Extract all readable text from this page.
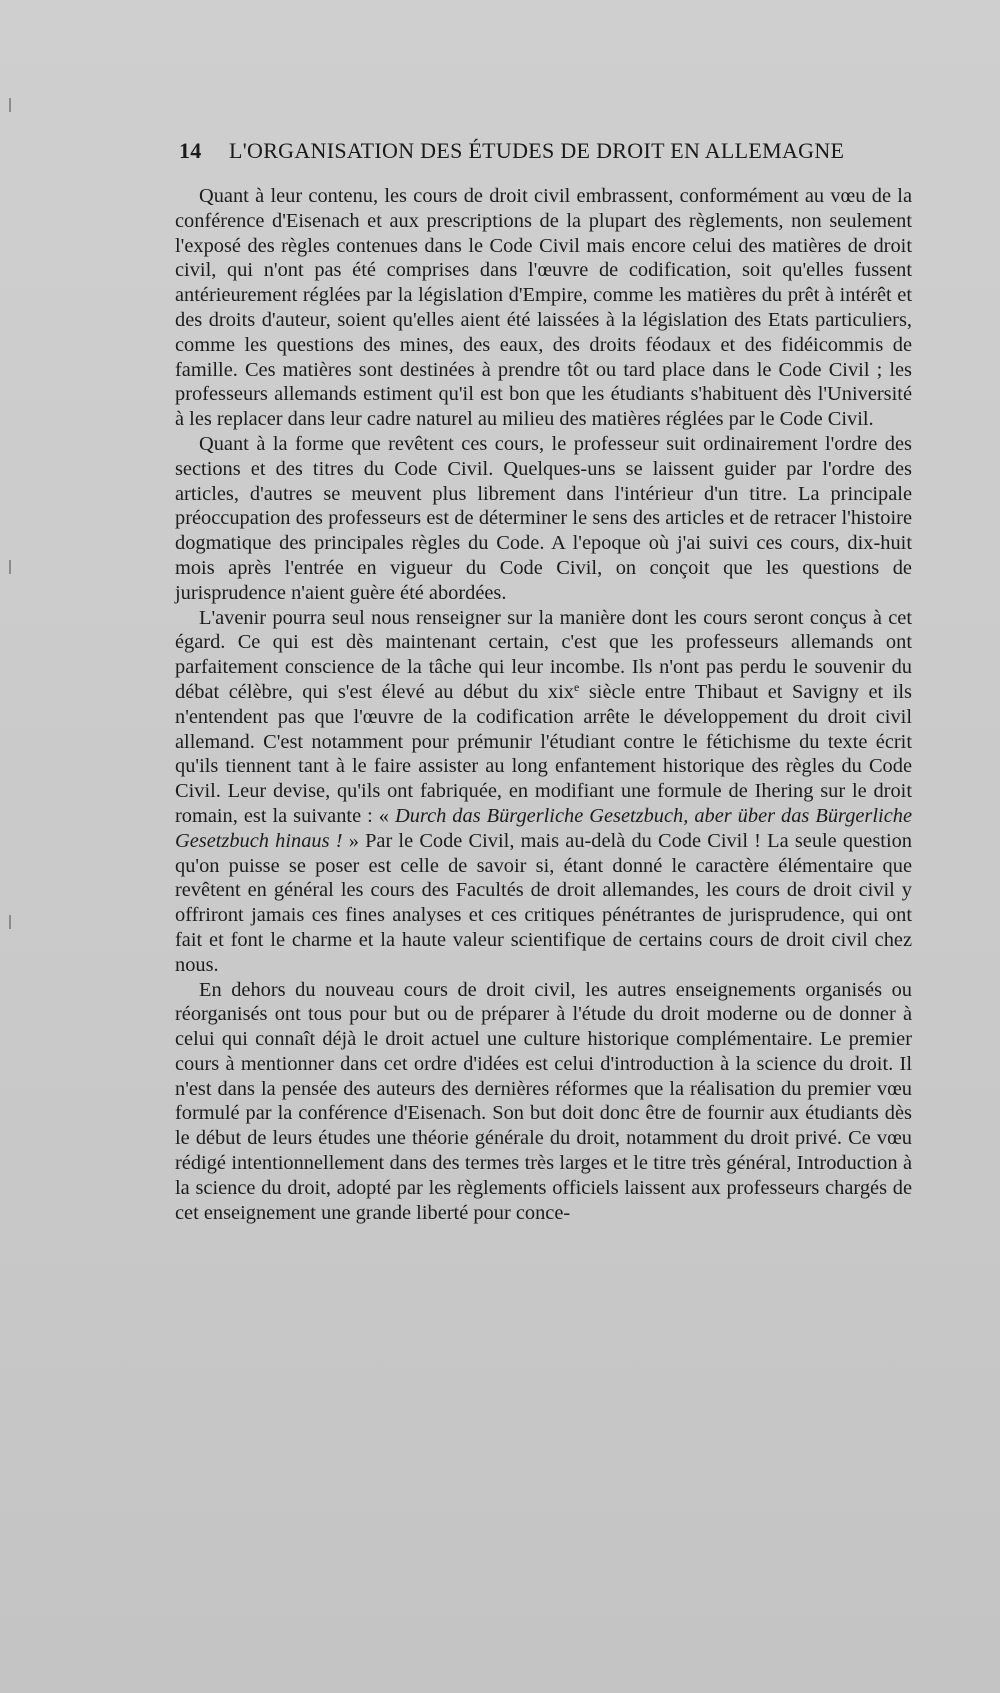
14 L'ORGANISATION DES ÉTUDES DE DROIT EN ALLEMAGNE

Quant à leur contenu, les cours de droit civil embrassent, conformément au vœu de la conférence d'Eisenach et aux prescriptions de la plupart des règlements, non seulement l'exposé des règles contenues dans le Code Civil mais encore celui des matières de droit civil, qui n'ont pas été comprises dans l'œuvre de codification, soit qu'elles fussent antérieurement réglées par la législation d'Empire, comme les matières du prêt à intérêt et des droits d'auteur, soient qu'elles aient été laissées à la législation des Etats particuliers, comme les questions des mines, des eaux, des droits féodaux et des fidéicommis de famille. Ces matières sont destinées à prendre tôt ou tard place dans le Code Civil ; les professeurs allemands estiment qu'il est bon que les étudiants s'habituent dès l'Université à les replacer dans leur cadre naturel au milieu des matières réglées par le Code Civil.

Quant à la forme que revêtent ces cours, le professeur suit ordinairement l'ordre des sections et des titres du Code Civil. Quelques-uns se laissent guider par l'ordre des articles, d'autres se meuvent plus librement dans l'intérieur d'un titre. La principale préoccupation des professeurs est de déterminer le sens des articles et de retracer l'histoire dogmatique des principales règles du Code. A l'epoque où j'ai suivi ces cours, dix-huit mois après l'entrée en vigueur du Code Civil, on conçoit que les questions de jurisprudence n'aient guère été abordées.

L'avenir pourra seul nous renseigner sur la manière dont les cours seront conçus à cet égard. Ce qui est dès maintenant certain, c'est que les professeurs allemands ont parfaitement conscience de la tâche qui leur incombe. Ils n'ont pas perdu le souvenir du débat célèbre, qui s'est élevé au début du xix$^e$ siècle entre Thibaut et Savigny et ils n'entendent pas que l'œuvre de la codification arrête le développement du droit civil allemand. C'est notamment pour prémunir l'étudiant contre le fétichisme du texte écrit qu'ils tiennent tant à le faire assister au long enfantement historique des règles du Code Civil. Leur devise, qu'ils ont fabriquée, en modifiant une formule de Ihering sur le droit romain, est la suivante : « Durch das Bürgerliche Gesetzbuch, aber über das Bürgerliche Gesetzbuch hinaus ! » Par le Code Civil, mais au-delà du Code Civil ! La seule question qu'on puisse se poser est celle de savoir si, étant donné le caractère élémentaire que revêtent en général les cours des Facultés de droit allemandes, les cours de droit civil y offriront jamais ces fines analyses et ces critiques pénétrantes de jurisprudence, qui ont fait et font le charme et la haute valeur scientifique de certains cours de droit civil chez nous.

En dehors du nouveau cours de droit civil, les autres enseignements organisés ou réorganisés ont tous pour but ou de préparer à l'étude du droit moderne ou de donner à celui qui connaît déjà le droit actuel une culture historique complémentaire. Le premier cours à mentionner dans cet ordre d'idées est celui d'introduction à la science du droit. Il n'est dans la pensée des auteurs des dernières réformes que la réalisation du premier vœu formulé par la conférence d'Eisenach. Son but doit donc être de fournir aux étudiants dès le début de leurs études une théorie générale du droit, notamment du droit privé. Ce vœu rédigé intentionnellement dans des termes très larges et le titre très général, Introduction à la science du droit, adopté par les règlements officiels laissent aux professeurs chargés de cet enseignement une grande liberté pour conce-
